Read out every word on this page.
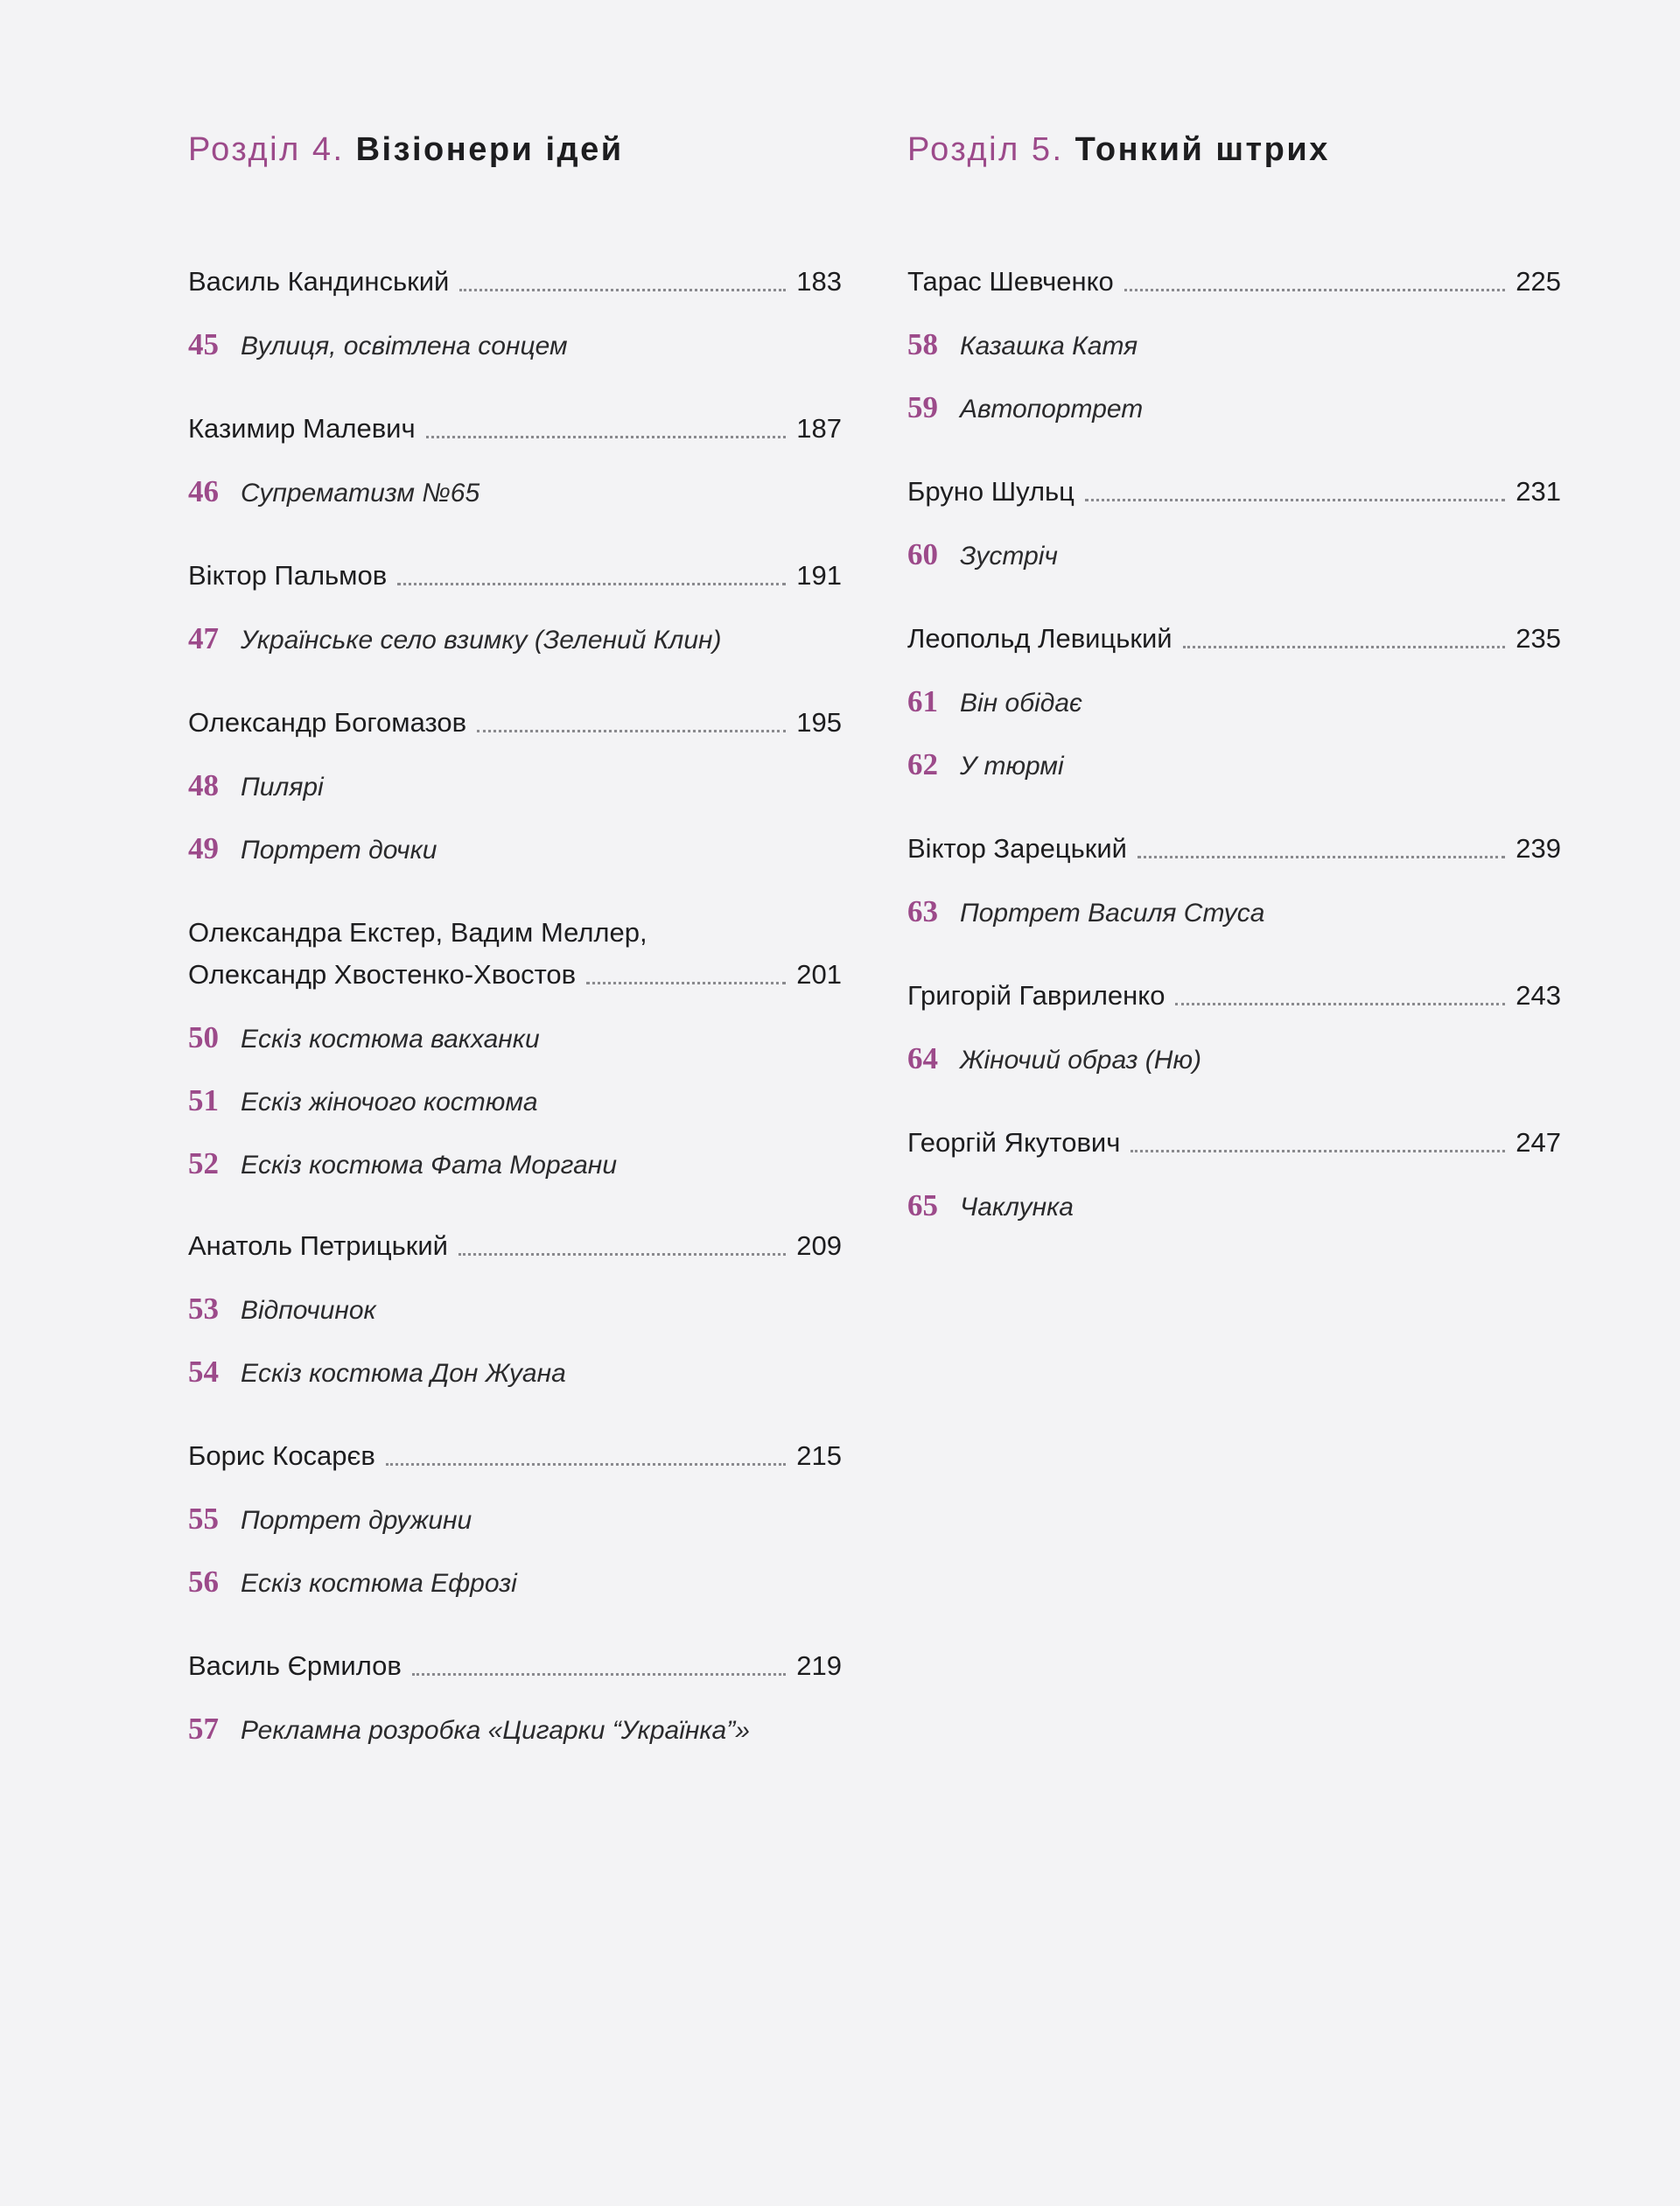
Розділ 4. Візіонери ідей
Василь Кандинський	183
45 Вулиця, освітлена сонцем
Казимир Малевич	187
46 Супрематизм №65
Віктор Пальмов	191
47 Українське село взимку (Зелений Клин)
Олександр Богомазов	195
48 Пилярі
49 Портрет дочки
Олександра Екстер, Вадим Меллер,
Олександр Хвостенко-Хвостов	201
50 Ескіз костюма вакханки
51 Ескіз жіночого костюма
52 Ескіз костюма Фата Моргани
Анатоль Петрицький	209
53 Відпочинок
54 Ескіз костюма Дон Жуана
Борис Косарєв	215
55 Портрет дружини
56 Ескіз костюма Ефрозі
Василь Єрмилов	219
57 Рекламна розробка «Цигарки “Українка”»
Розділ 5. Тонкий штрих
Тарас Шевченко	225
58 Казашка Катя
59 Автопортрет
Бруно Шульц	231
60 Зустріч
Леопольд Левицький	235
61 Він обідає
62 У тюрмі
Віктор Зарецький	239
63 Портрет Василя Стуса
Григорій Гавриленко	243
64 Жіночий образ (Ню)
Георгій Якутович	247
65 Чаклунка
